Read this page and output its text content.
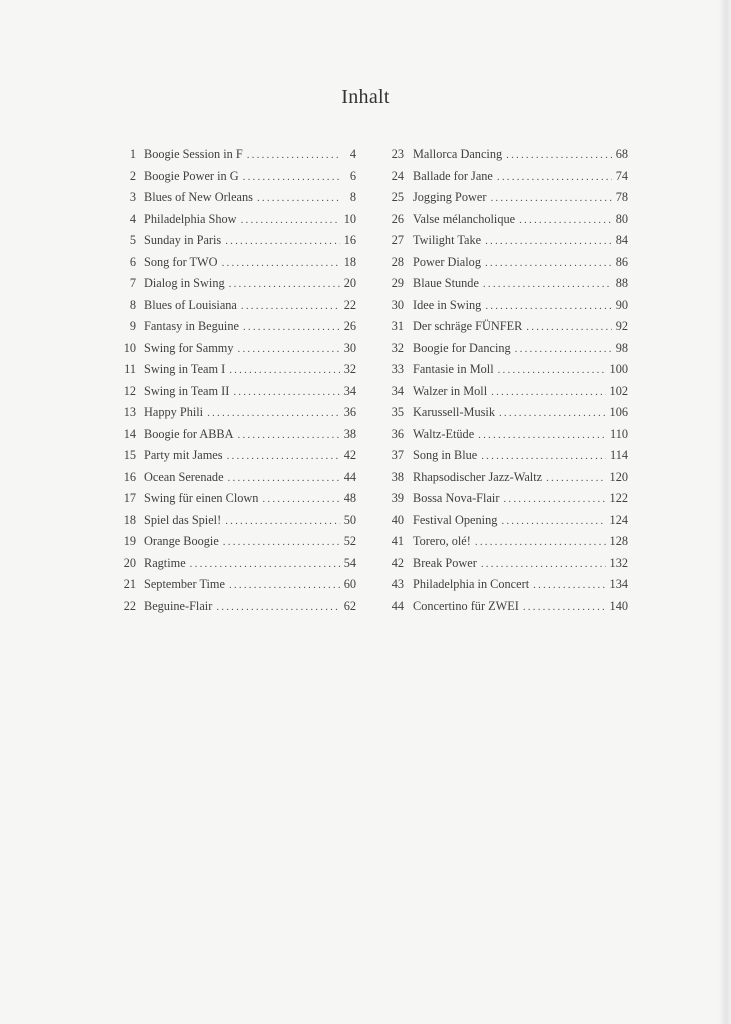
Inhalt
1 Boogie Session in F .....	4
2 Boogie Power in G .....	6
3 Blues of New Orleans .....	8
4 Philadelphia Show .....	10
5 Sunday in Paris .....	16
6 Song for TWO .....	18
7 Dialog in Swing .....	20
8 Blues of Louisiana .....	22
9 Fantasy in Beguine .....	26
10 Swing for Sammy .....	30
11 Swing in Team I .....	32
12 Swing in Team II .....	34
13 Happy Phili .....	36
14 Boogie for ABBA .....	38
15 Party mit James .....	42
16 Ocean Serenade .....	44
17 Swing für einen Clown .....	48
18 Spiel das Spiel! .....	50
19 Orange Boogie .....	52
20 Ragtime .....	54
21 September Time .....	60
22 Beguine-Flair .....	62
23 Mallorca Dancing .....	68
24 Ballade for Jane .....	74
25 Jogging Power .....	78
26 Valse mélancholique .....	80
27 Twilight Take .....	84
28 Power Dialog .....	86
29 Blaue Stunde .....	88
30 Idee in Swing .....	90
31 Der schräge FÜNFER .....	92
32 Boogie for Dancing .....	98
33 Fantasie in Moll .....	100
34 Walzer in Moll .....	102
35 Karussell-Musik .....	106
36 Waltz-Etüde .....	110
37 Song in Blue .....	114
38 Rhapsodischer Jazz-Waltz .....	120
39 Bossa Nova-Flair .....	122
40 Festival Opening .....	124
41 Torero, olé! .....	128
42 Break Power .....	132
43 Philadelphia in Concert .....	134
44 Concertino für ZWEI .....	140
